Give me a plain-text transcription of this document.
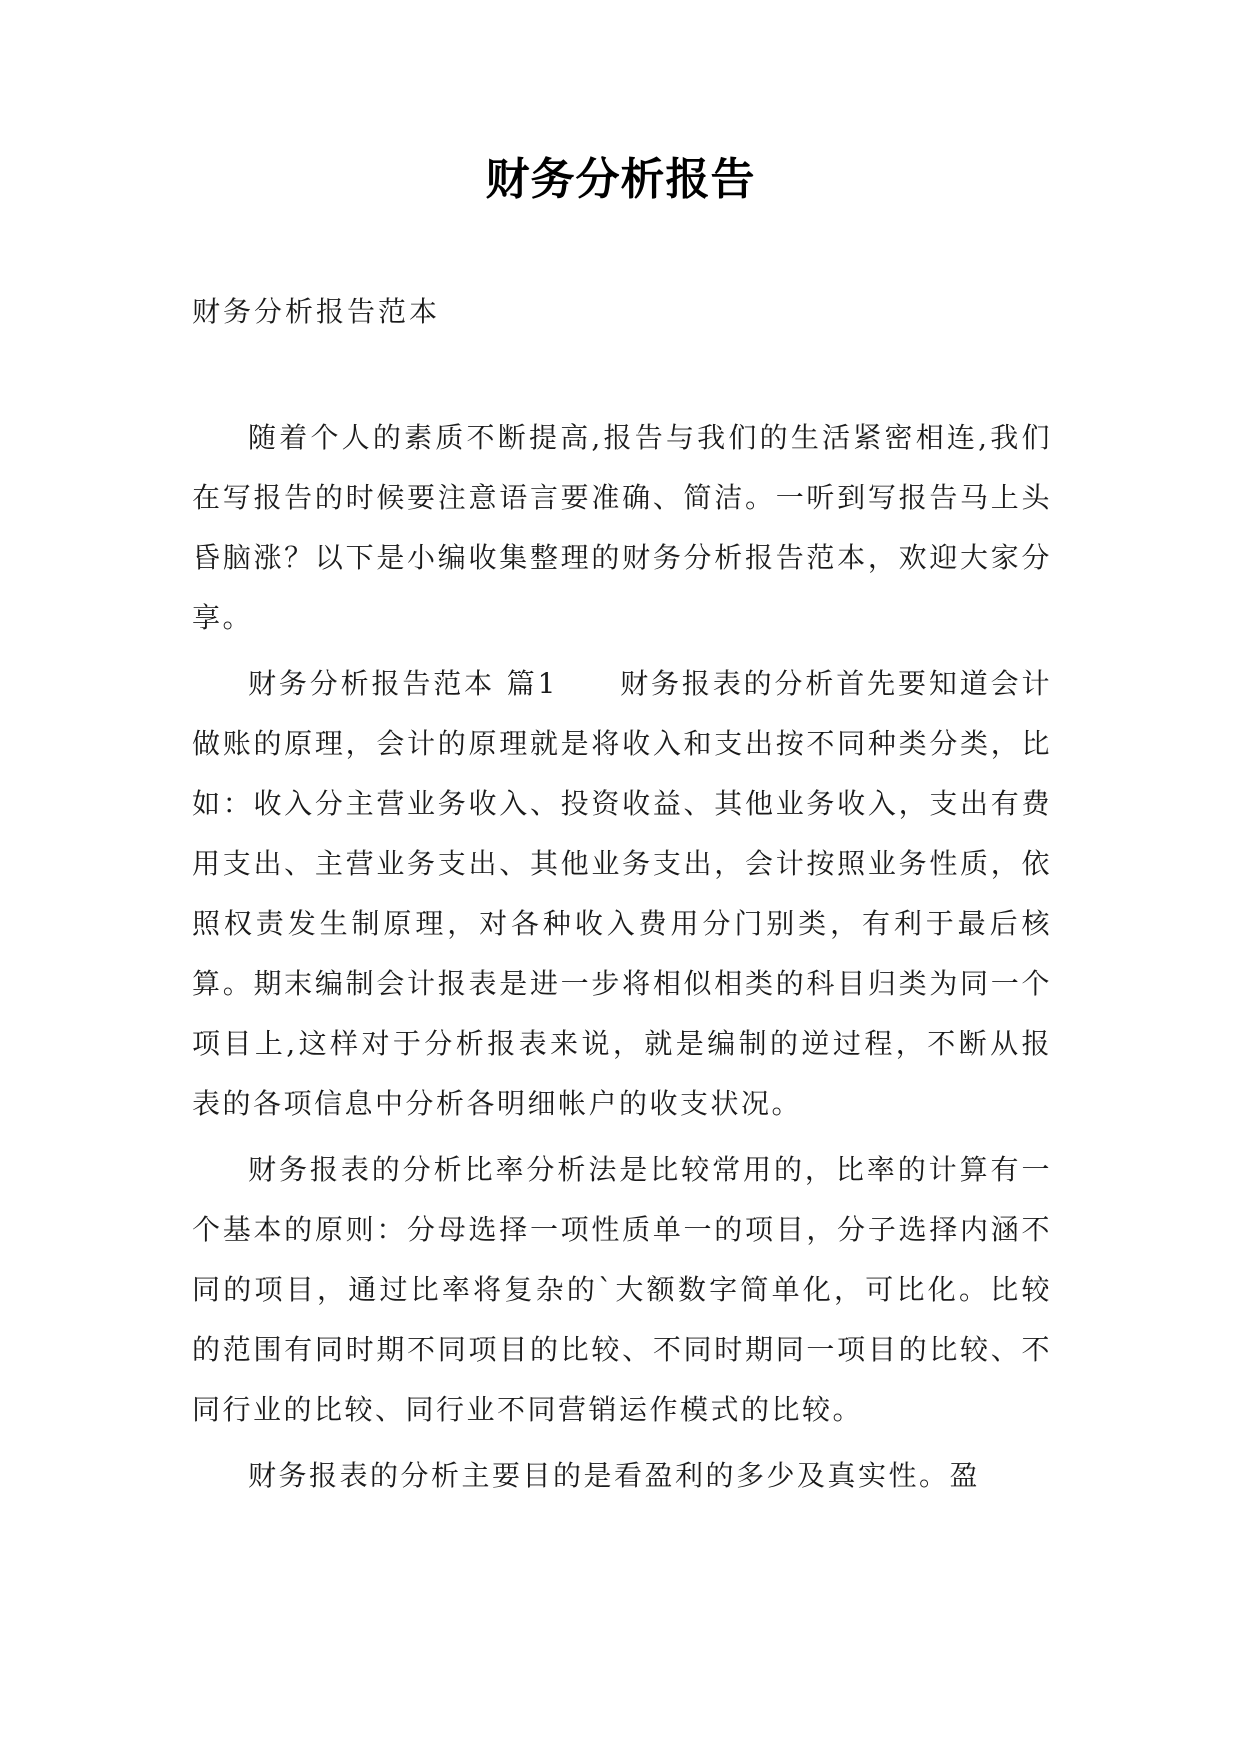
财务分析报告
财务分析报告范本

随着个人的素质不断提高,报告与我们的生活紧密相连,我们在写报告的时候要注意语言要准确、简洁。一听到写报告马上头昏脑涨？以下是小编收集整理的财务分析报告范本，欢迎大家分享。

财务分析报告范本 篇1　　财务报表的分析首先要知道会计做账的原理，会计的原理就是将收入和支出按不同种类分类，比如：收入分主营业务收入、投资收益、其他业务收入，支出有费用支出、主营业务支出、其他业务支出，会计按照业务性质，依照权责发生制原理，对各种收入费用分门别类，有利于最后核算。期末编制会计报表是进一步将相似相类的科目归类为同一个项目上,这样对于分析报表来说，就是编制的逆过程，不断从报表的各项信息中分析各明细帐户的收支状况。

财务报表的分析比率分析法是比较常用的，比率的计算有一个基本的原则：分母选择一项性质单一的项目，分子选择内涵不同的项目，通过比率将复杂的`大额数字简单化，可比化。比较的范围有同时期不同项目的比较、不同时期同一项目的比较、不同行业的比较、同行业不同营销运作模式的比较。

财务报表的分析主要目的是看盈利的多少及真实性。盈
